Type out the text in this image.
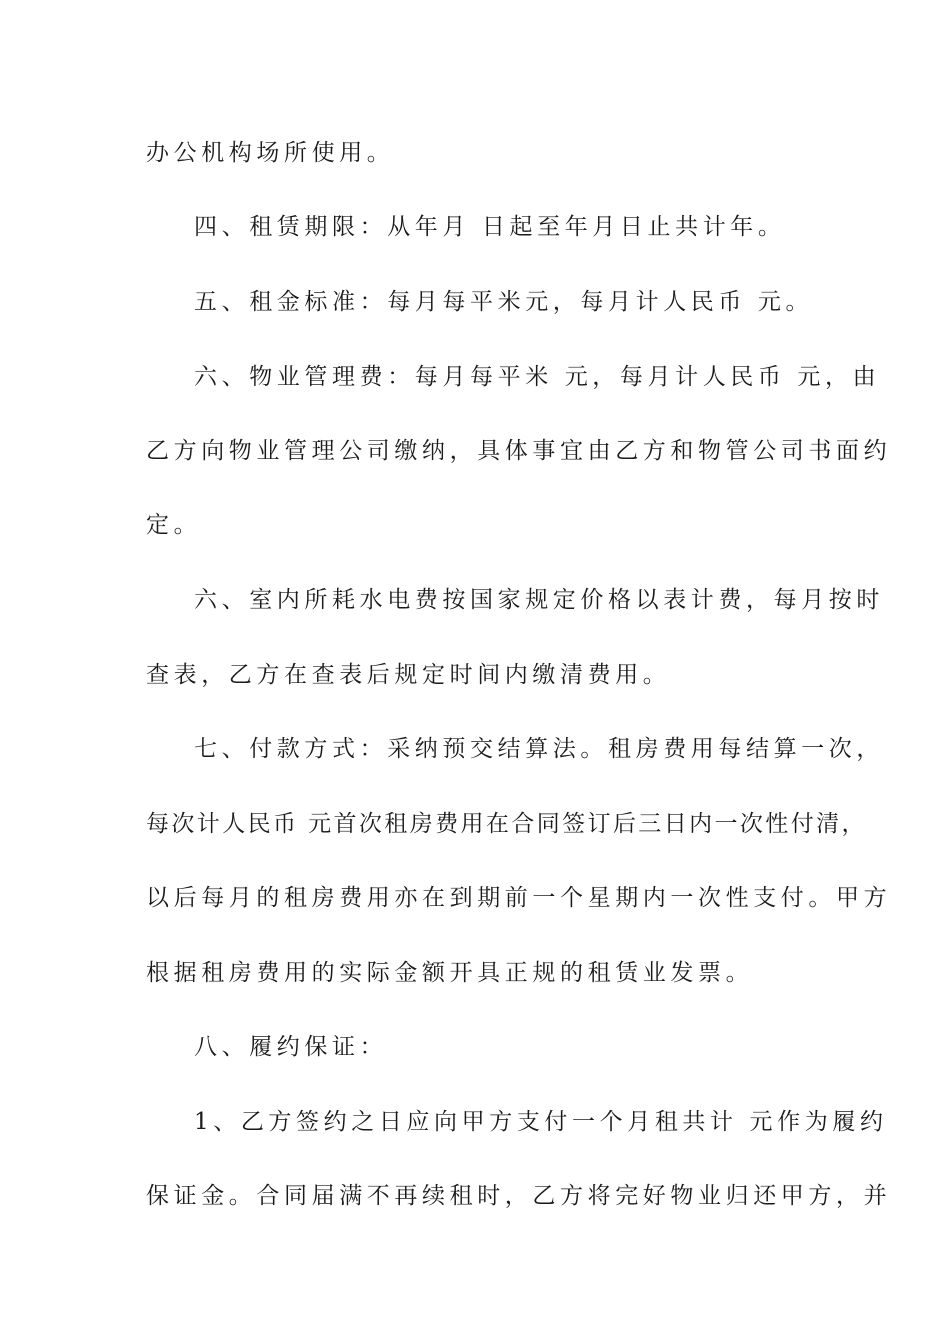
办公机构场所使用。
四、租赁期限：从年月 日起至年月日止共计年。
五、租金标准：每月每平米元，每月计人民币 元。
六、物业管理费：每月每平米 元，每月计人民币 元，由
乙方向物业管理公司缴纳，具体事宜由乙方和物管公司书面约
定。
六、室内所耗水电费按国家规定价格以表计费，每月按时
查表，乙方在查表后规定时间内缴清费用。
七、付款方式：采纳预交结算法。租房费用每结算一次，
每次计人民币 元首次租房费用在合同签订后三日内一次性付清，
以后每月的租房费用亦在到期前一个星期内一次性支付。甲方
根据租房费用的实际金额开具正规的租赁业发票。
八、履约保证：
1、乙方签约之日应向甲方支付一个月租共计 元作为履约
保证金。合同届满不再续租时，乙方将完好物业归还甲方，并
